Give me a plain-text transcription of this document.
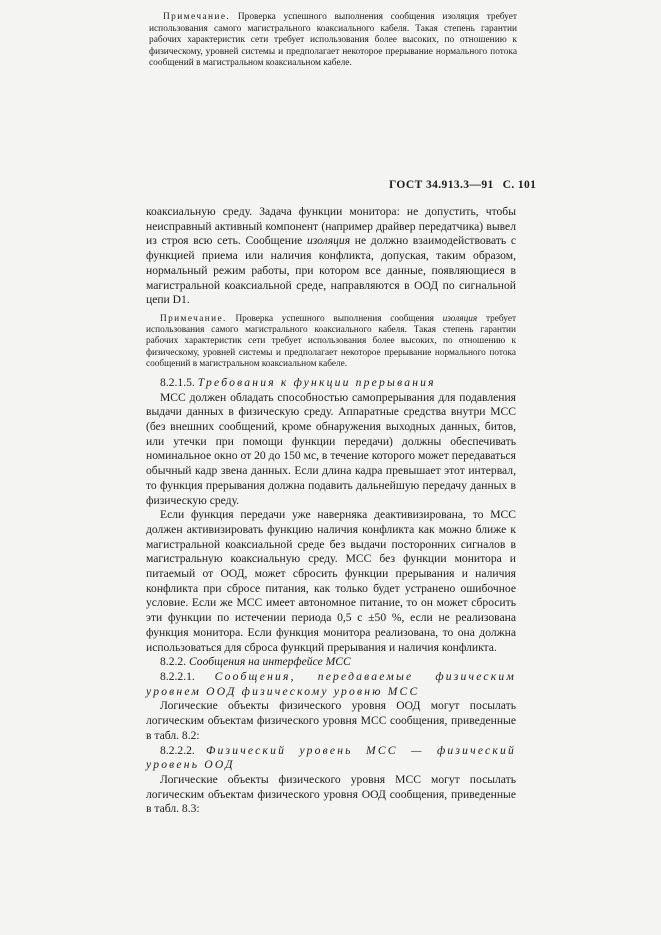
Примечание. Проверка успешного выполнения сообщения изоляция требует использования самого магистрального коаксиального кабеля. Такая степень гарантии рабочих характеристик сети требует использования более высоких, по отношению к физическому, уровней системы и предполагает некоторое прерывание нормального потока сообщений в магистральном коаксиальном кабеле.
ГОСТ 34.913.3—91 С. 101

коаксиальную среду. Задача функции монитора: не допустить, чтобы неисправный активный компонент (например драйвер передатчика) вывел из строя всю сеть. Сообщение изоляция не должно взаимодействовать с функцией приема или наличия конфликта, допуская, таким образом, нормальный режим работы, при котором все данные, появляющиеся в магистральной коаксиальной среде, направляются в ООД по сигнальной цепи D1.

Примечание. Проверка успешного выполнения сообщения изоляция требует использования самого магистрального коаксиального кабеля. Такая степень гарантии рабочих характеристик сети требует использования более высоких, по отношению к физическому, уровней системы и предполагает некоторое прерывание нормального потока сообщений в магистральном коаксиальном кабеле.

8.2.1.5. Требования к функции прерывания

МСС должен обладать способностью самопрерывания для подавления выдачи данных в физическую среду. Аппаратные средства внутри МСС (без внешних сообщений, кроме обнаружения выходных данных, битов, или утечки при помощи функции передачи) должны обеспечивать номинальное окно от 20 до 150 мс, в течение которого может передаваться обычный кадр звена данных. Если длина кадра превышает этот интервал, то функция прерывания должна подавить дальнейшую передачу данных в физическую среду.

Если функция передачи уже наверняка деактивизирована, то МСС должен активизировать функцию наличия конфликта как можно ближе к магистральной коаксиальной среде без выдачи посторонних сигналов в магистральную коаксиальную среду. МСС без функции монитора и питаемый от ООД, может сбросить функции прерывания и наличия конфликта при сбросе питания, как только будет устранено ошибочное условие. Если же МСС имеет автономное питание, то он может сбросить эти функции по истечении периода 0,5 с ±50 %, если не реализована функция монитора. Если функция монитора реализована, то она должна использоваться для сброса функций прерывания и наличия конфликта.

8.2.2. Сообщения на интерфейсе МСС

8.2.2.1. Сообщения, передаваемые физическим уровнем ООД физическому уровню МСС

Логические объекты физического уровня ООД могут посылать логическим объектам физического уровня МСС сообщения, приведенные в табл. 8.2:

8.2.2.2. Физический уровень МСС — физический уровень ООД

Логические объекты физического уровня МСС могут посылать логическим объектам физического уровня ООД сообщения, приведенные в табл. 8.3:
